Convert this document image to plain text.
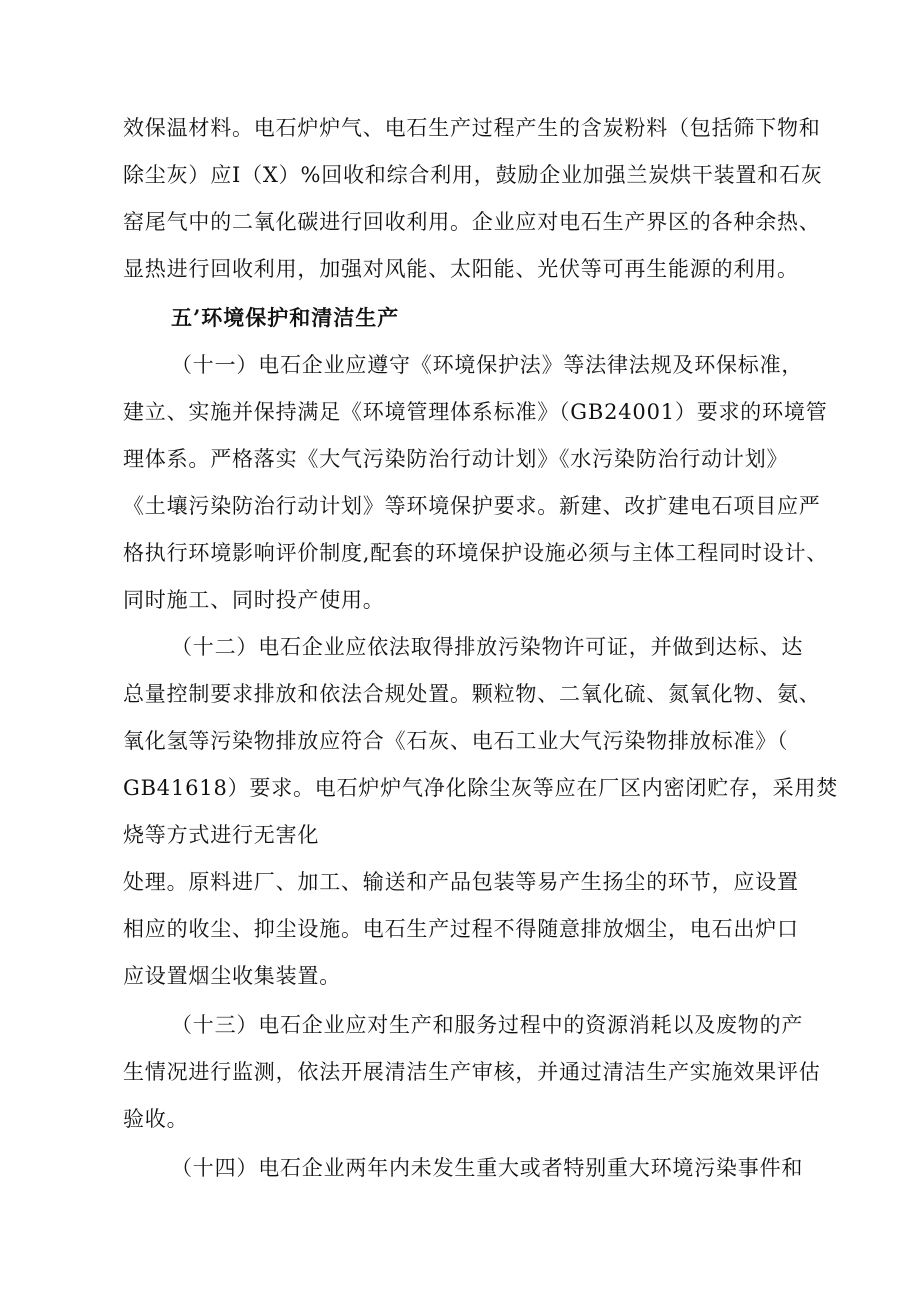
效保温材料。电石炉炉气、电石生产过程产生的含炭粉料（包括筛下物和
除尘灰）应I（X）%回收和综合利用，鼓励企业加强兰炭烘干装置和石灰
窑尾气中的二氧化碳进行回收利用。企业应对电石生产界区的各种余热、
显热进行回收利用，加强对风能、太阳能、光伏等可再生能源的利用。
五’环境保护和清洁生产
（十一）电石企业应遵守《环境保护法》等法律法规及环保标准，
建立、实施并保持满足《环境管理体系标准》（GB24001）要求的环境管
理体系。严格落实《大气污染防治行动计划》《水污染防治行动计划》
《土壤污染防治行动计划》等环境保护要求。新建、改扩建电石项目应严
格执行环境影响评价制度,配套的环境保护设施必须与主体工程同时设计、
同时施工、同时投产使用。
（十二）电石企业应依法取得排放污染物许可证，并做到达标、达
总量控制要求排放和依法合规处置。颗粒物、二氧化硫、氮氧化物、氨、
氧化氢等污染物排放应符合《石灰、电石工业大气污染物排放标准》（
GB41618）要求。电石炉炉气净化除尘灰等应在厂区内密闭贮存，采用焚
烧等方式进行无害化
处理。原料进厂、加工、输送和产品包装等易产生扬尘的环节，应设置
相应的收尘、抑尘设施。电石生产过程不得随意排放烟尘，电石出炉口
应设置烟尘收集装置。
（十三）电石企业应对生产和服务过程中的资源消耗以及废物的产
生情况进行监测，依法开展清洁生产审核，并通过清洁生产实施效果评估
验收。
（十四）电石企业两年内未发生重大或者特别重大环境污染事件和
